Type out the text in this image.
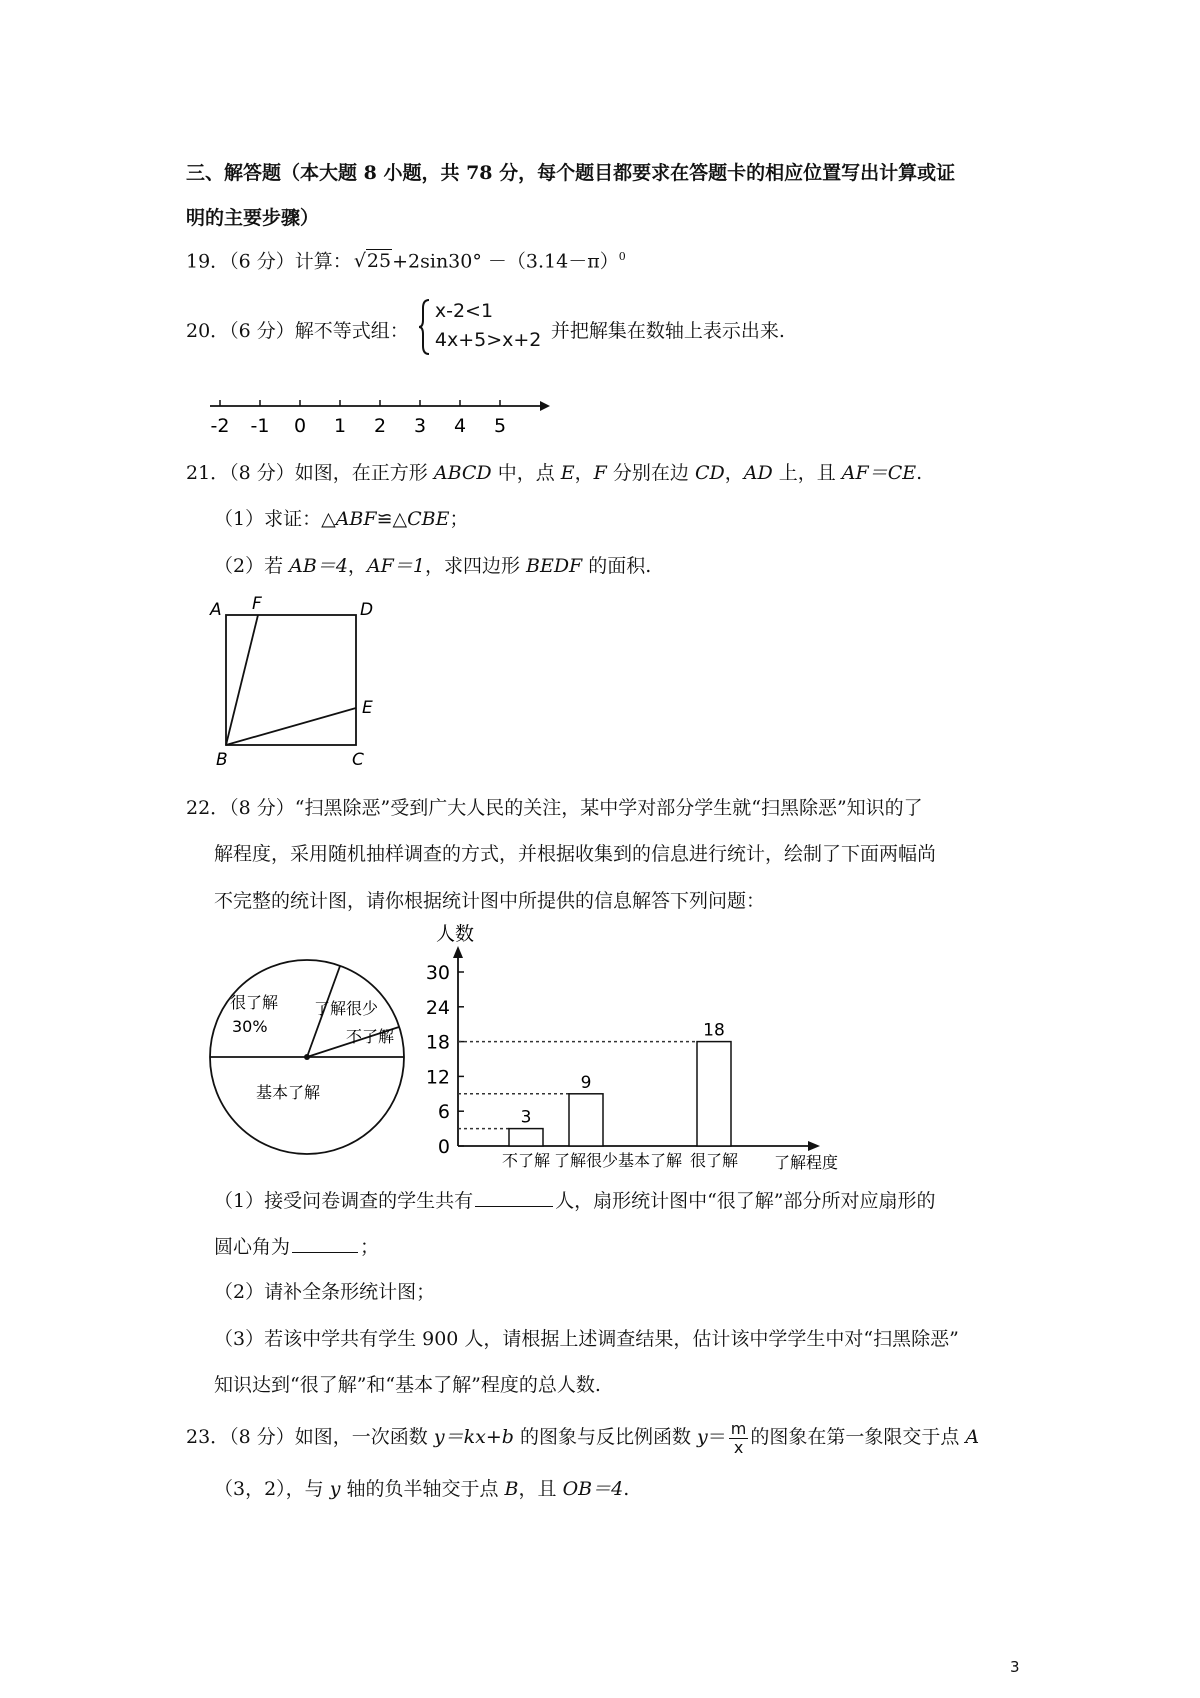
三、解答题（本大题 8 小题，共 78 分，每个题目都要求在答题卡的相应位置写出计算或证
明的主要步骤）
19．（6 分）计算： $√25+2\sin 30^\circ -(3.14-\pi)^0$
20．（6 分）解不等式组：
x-2<1
4x+5>x+2 并把解集在数轴上表示出来.
-2 -1 0 1 2 3 4 5
21．（8 分）如图，在正方形 ABCD 中，点 E，F 分别在边 CD，AD 上，且 AF＝CE.
（1）求证：△ABF≌△CBE；
（2）若 AB＝4，AF＝1，求四边形 BEDF 的面积.
A F	D
E
B	C
22．（8 分）“扫黑除恶”受到广大人民的关注，某中学对部分学生就“扫黑除恶”知识的了
解程度，采用随机抽样调查的方式，并根据收集到的信息进行统计，绘制了下面两幅尚
不完整的统计图，请你根据统计图中所提供的信息解答下列问题：
很了解
30%
了解很少
不了解
基本了解
人数
0
6
12
18
24
30
3
9
18
不了解 了解很少 基本了解 很了解 了解程度
（1）接受问卷调查的学生共有	人，扇形统计图中“很了解”部分所对应扇形的
圆心角为	；
（2）请补全条形统计图；
（3）若该中学共有学生 900 人，请根据上述调查结果，估计该中学学生中对“扫黑除恶”
知识达到“很了解”和“基本了解”程度的总人数.
23．（8 分）如图，一次函数 y＝kx+b 的图象与反比例函数 $y= \frac{m}{x}$ 的图象在第一象限交于点 A
（3，2），与 y 轴的负半轴交于点 B，且 OB＝4.
3
